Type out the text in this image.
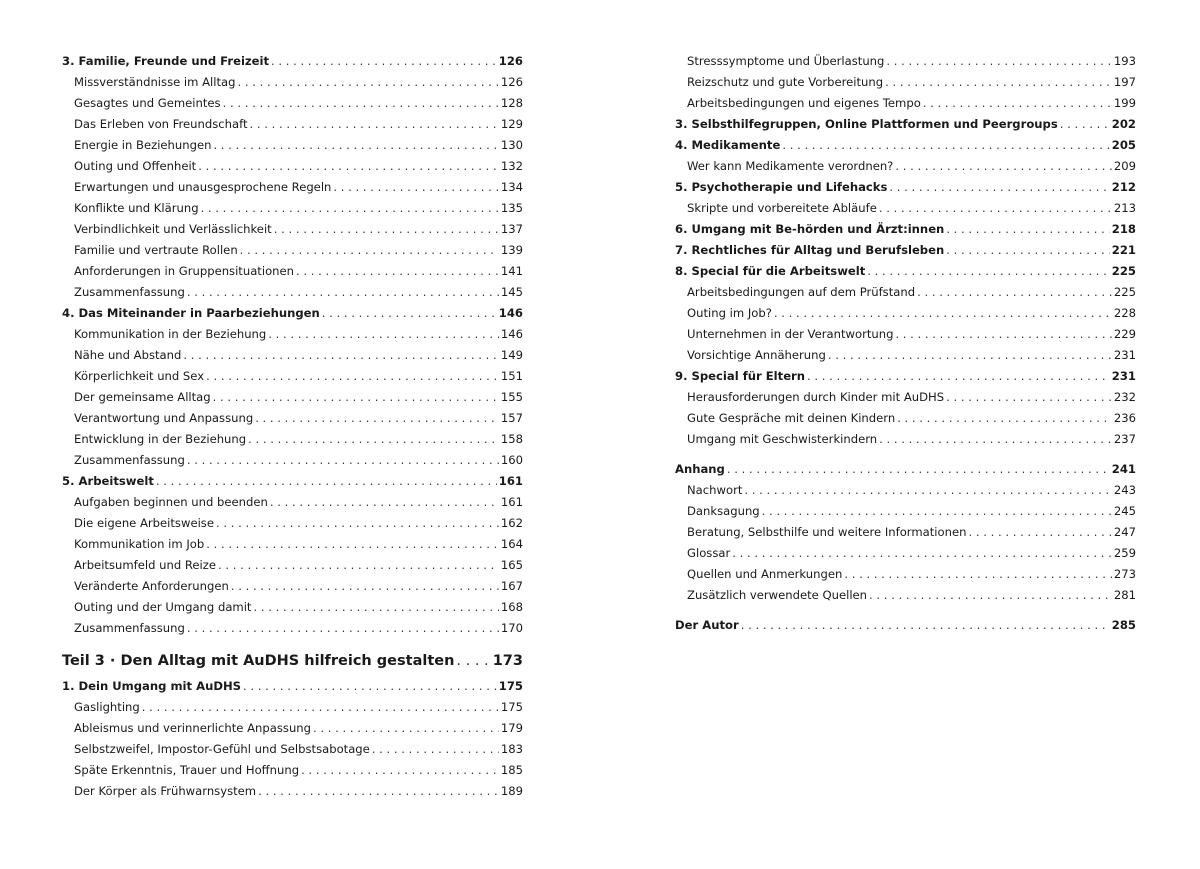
3. Familie, Freunde und Freizeit . . .	126
Missverständnisse im Alltag . . .	126
Gesagtes und Gemeintes . . .	128
Das Erleben von Freundschaft . . .	129
Energie in Beziehungen . . .	130
Outing und Offenheit . . .	132
Erwartungen und unausgesprochene Regeln . . .	134
Konflikte und Klärung . . .	135
Verbindlichkeit und Verlässlichkeit . . .	137
Familie und vertraute Rollen . . .	139
Anforderungen in Gruppensituationen . . .	141
Zusammenfassung . . .	145
4. Das Miteinander in Paarbeziehungen . . .	146
Kommunikation in der Beziehung . . .	146
Nähe und Abstand . . .	149
Körperlichkeit und Sex . . .	151
Der gemeinsame Alltag . . .	155
Verantwortung und Anpassung . . .	157
Entwicklung in der Beziehung . . .	158
Zusammenfassung . . .	160
5. Arbeitswelt . . .	161
Aufgaben beginnen und beenden . . .	161
Die eigene Arbeitsweise . . .	162
Kommunikation im Job . . .	164
Arbeitsumfeld und Reize . . .	165
Veränderte Anforderungen . . .	167
Outing und der Umgang damit . . .	168
Zusammenfassung . . .	170
Teil 3 · Den Alltag mit AuDHS hilfreich gestalten . . .	173
1. Dein Umgang mit AuDHS . . .	175
Gaslighting . . .	175
Ableismus und verinnerlichte Anpassung . . .	179
Selbstzweifel, Impostor-Gefühl und Selbstsabotage . . .	183
Späte Erkenntnis, Trauer und Hoffnung . . .	185
Der Körper als Frühwarnsystem . . .	189
Stresssymptome und Überlastung . . .	193
Reizschutz und gute Vorbereitung . . .	197
Arbeitsbedingungen und eigenes Tempo . . .	199
3. Selbsthilfegruppen, Online Plattformen und Peergroups . . .	202
4. Medikamente . . .	205
Wer kann Medikamente verordnen? . . .	209
5. Psychotherapie und Lifehacks . . .	212
Skripte und vorbereitete Abläufe . . .	213
6. Umgang mit Be-hörden und Ärzt:innen . . .	218
7. Rechtliches für Alltag und Berufsleben . . .	221
8. Special für die Arbeitswelt . . .	225
Arbeitsbedingungen auf dem Prüfstand . . .	225
Outing im Job? . . .	228
Unternehmen in der Verantwortung . . .	229
Vorsichtige Annäherung . . .	231
9. Special für Eltern . . .	231
Herausforderungen durch Kinder mit AuDHS . . .	232
Gute Gespräche mit deinen Kindern . . .	236
Umgang mit Geschwisterkindern . . .	237
Anhang . . .	241
Nachwort . . .	243
Danksagung . . .	245
Beratung, Selbsthilfe und weitere Informationen . . .	247
Glossar . . .	259
Quellen und Anmerkungen . . .	273
Zusätzlich verwendete Quellen . . .	281
Der Autor . . .	285
